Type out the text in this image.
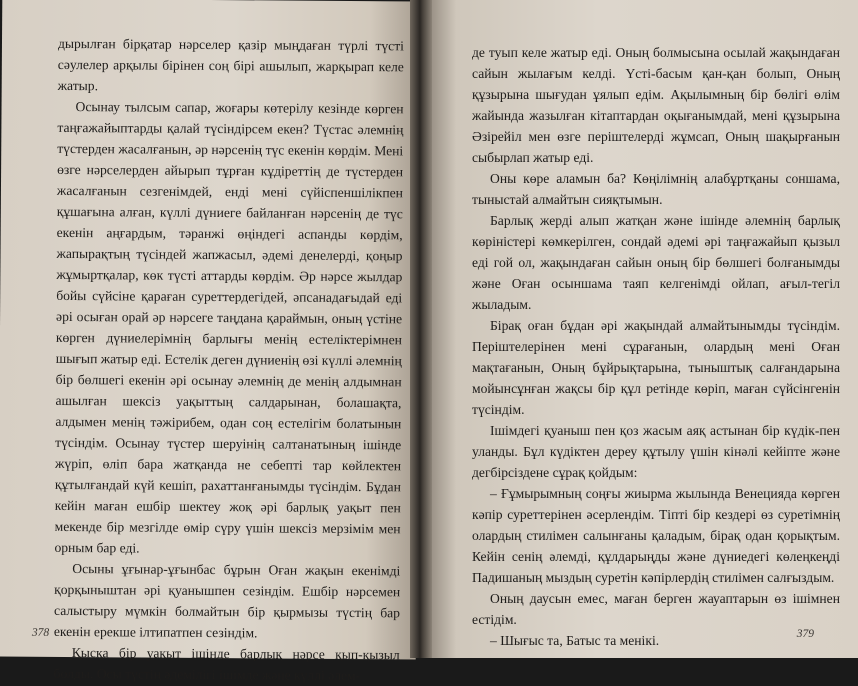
дырылған бірқатар нәрселер қазір мыңдаған түрлі түсті сәулелер арқылы бірінен соң бірі ашылып, жарқырап келе жатыр.

Осынау тылсым сапар, жоғары көтерілу кезінде көрген таңғажайыптарды қалай түсіндірсем екен? Түстас әлемнің түстерден жасалғанын, әр нәрсенің түс екенін көрдім. Мені өзге нәрселерден айырып тұрған кұдіреттің де түстерден жасалғанын сезгенімдей, енді мені сүйіспеншілікпен құшағына алған, күллі дүниеге байланған нәрсенің де түс екенін аңғардым, тәранжі өңіндегі аспанды көрдім, жапырақтың түсіндей жапжасыл, әдемі денелерді, қоңыр жұмыртқалар, көк түсті аттарды көрдім. Әр нәрсе жылдар бойы сүйсіне қараған суреттердегідей, әпсанадағыдай еді әрі осыған орай әр нәрсеге таңдана қараймын, оның үстіне көрген дүниелерімнің барлығы менің естеліктерімнен шығып жатыр еді. Естелік деген дүниенің өзі күллі әлемнің бір бөлшегі екенін әрі осынау әлемнің де менің алдымнан ашылған шексіз уақыттың салдарынан, болашақта, алдымен менің тәжірибем, одан соң естелігім болатынын түсіндім. Осынау түстер шеруінің салтанатының ішінде жүріп, өліп бара жатқанда не себепті тар көйлектен құтылғандай күй кешіп, рахаттанғанымды түсіндім. Бұдан кейін маған ешбір шектеу жоқ әрі барлық уақыт пен мекенде бір мезгілде өмір сүру үшін шексіз мерзімім мен орным бар еді.

Осыны ұғынар-ұғынбас бұрын Оған жақын екенімді қорқыныштан әрі қуанышпен сезіндім. Ешбір нәрсемен салыстыру мүмкін болмайтын бір қырмызы түстің бар екенін ерекше ілтипатпен сезіндім.

Қысқа бір уақыт ішінде барлық нәрсе қып-қызыл болды. Осы түстің әдемілігі ішімде және күллі әлем-

378

де туып келе жатыр еді. Оның болмысына осылай жақындаған сайын жылағым келді. Үсті-басым қан-қан болып, Оның құзырына шығудан ұялып едім. Ақылымның бір бөлігі өлім жайында жазылған кітаптардан оқығанымдай, мені құзырына Әзірейіл мен өзге періштелерді жұмсап, Оның шақырғанын сыбырлап жатыр еді.

Оны көре аламын ба? Көңілімнің алабұртқаны соншама, тыныстай алмайтын сияқтымын.

Барлық жерді алып жатқан және ішінде әлемнің барлық көріністері көмкерілген, сондай әдемі әрі таңғажайып қызыл еді гой ол, жақындаған сайын оның бір бөлшегі болғанымды және Оған осыншама таяп келгенімді ойлап, ағыл-тегіл жыладым.

Бірақ оған бұдан әрі жақындай алмайтынымды түсіндім. Періштелерінен мені сұрағанын, олардың мені Оған мақтағанын, Оның бұйрықтарына, тыныштық салғандарына мойынсұнған жақсы бір құл ретінде көріп, маған сүйсінгенін түсіндім.

Ішімдегі қуаныш пен қоз жасым аяқ астынан бір күдік-пен уланды. Бұл күдіктен дереу құтылу үшін кінәлі кейіпте және дегбірсіздене сұрақ қойдым:

– Ғұмырымның соңғы жиырма жылында Венецияда көрген кәпір суреттерінен әсерлендім. Тіпті бір кездері өз суретімнің олардың стилімен салынғаны қаладым, бірақ одан қорықтым. Кейін сенің әлемді, құлдарыңды және дүниедегі көлеңкеңді Падишаның мыздың суретін кәпірлердің стилімен салғыздым.

Оның даусын емес, маған берген жауаптарын өз ішімнен естідім.

– Шығыс та, Батыс та менікі.	379
